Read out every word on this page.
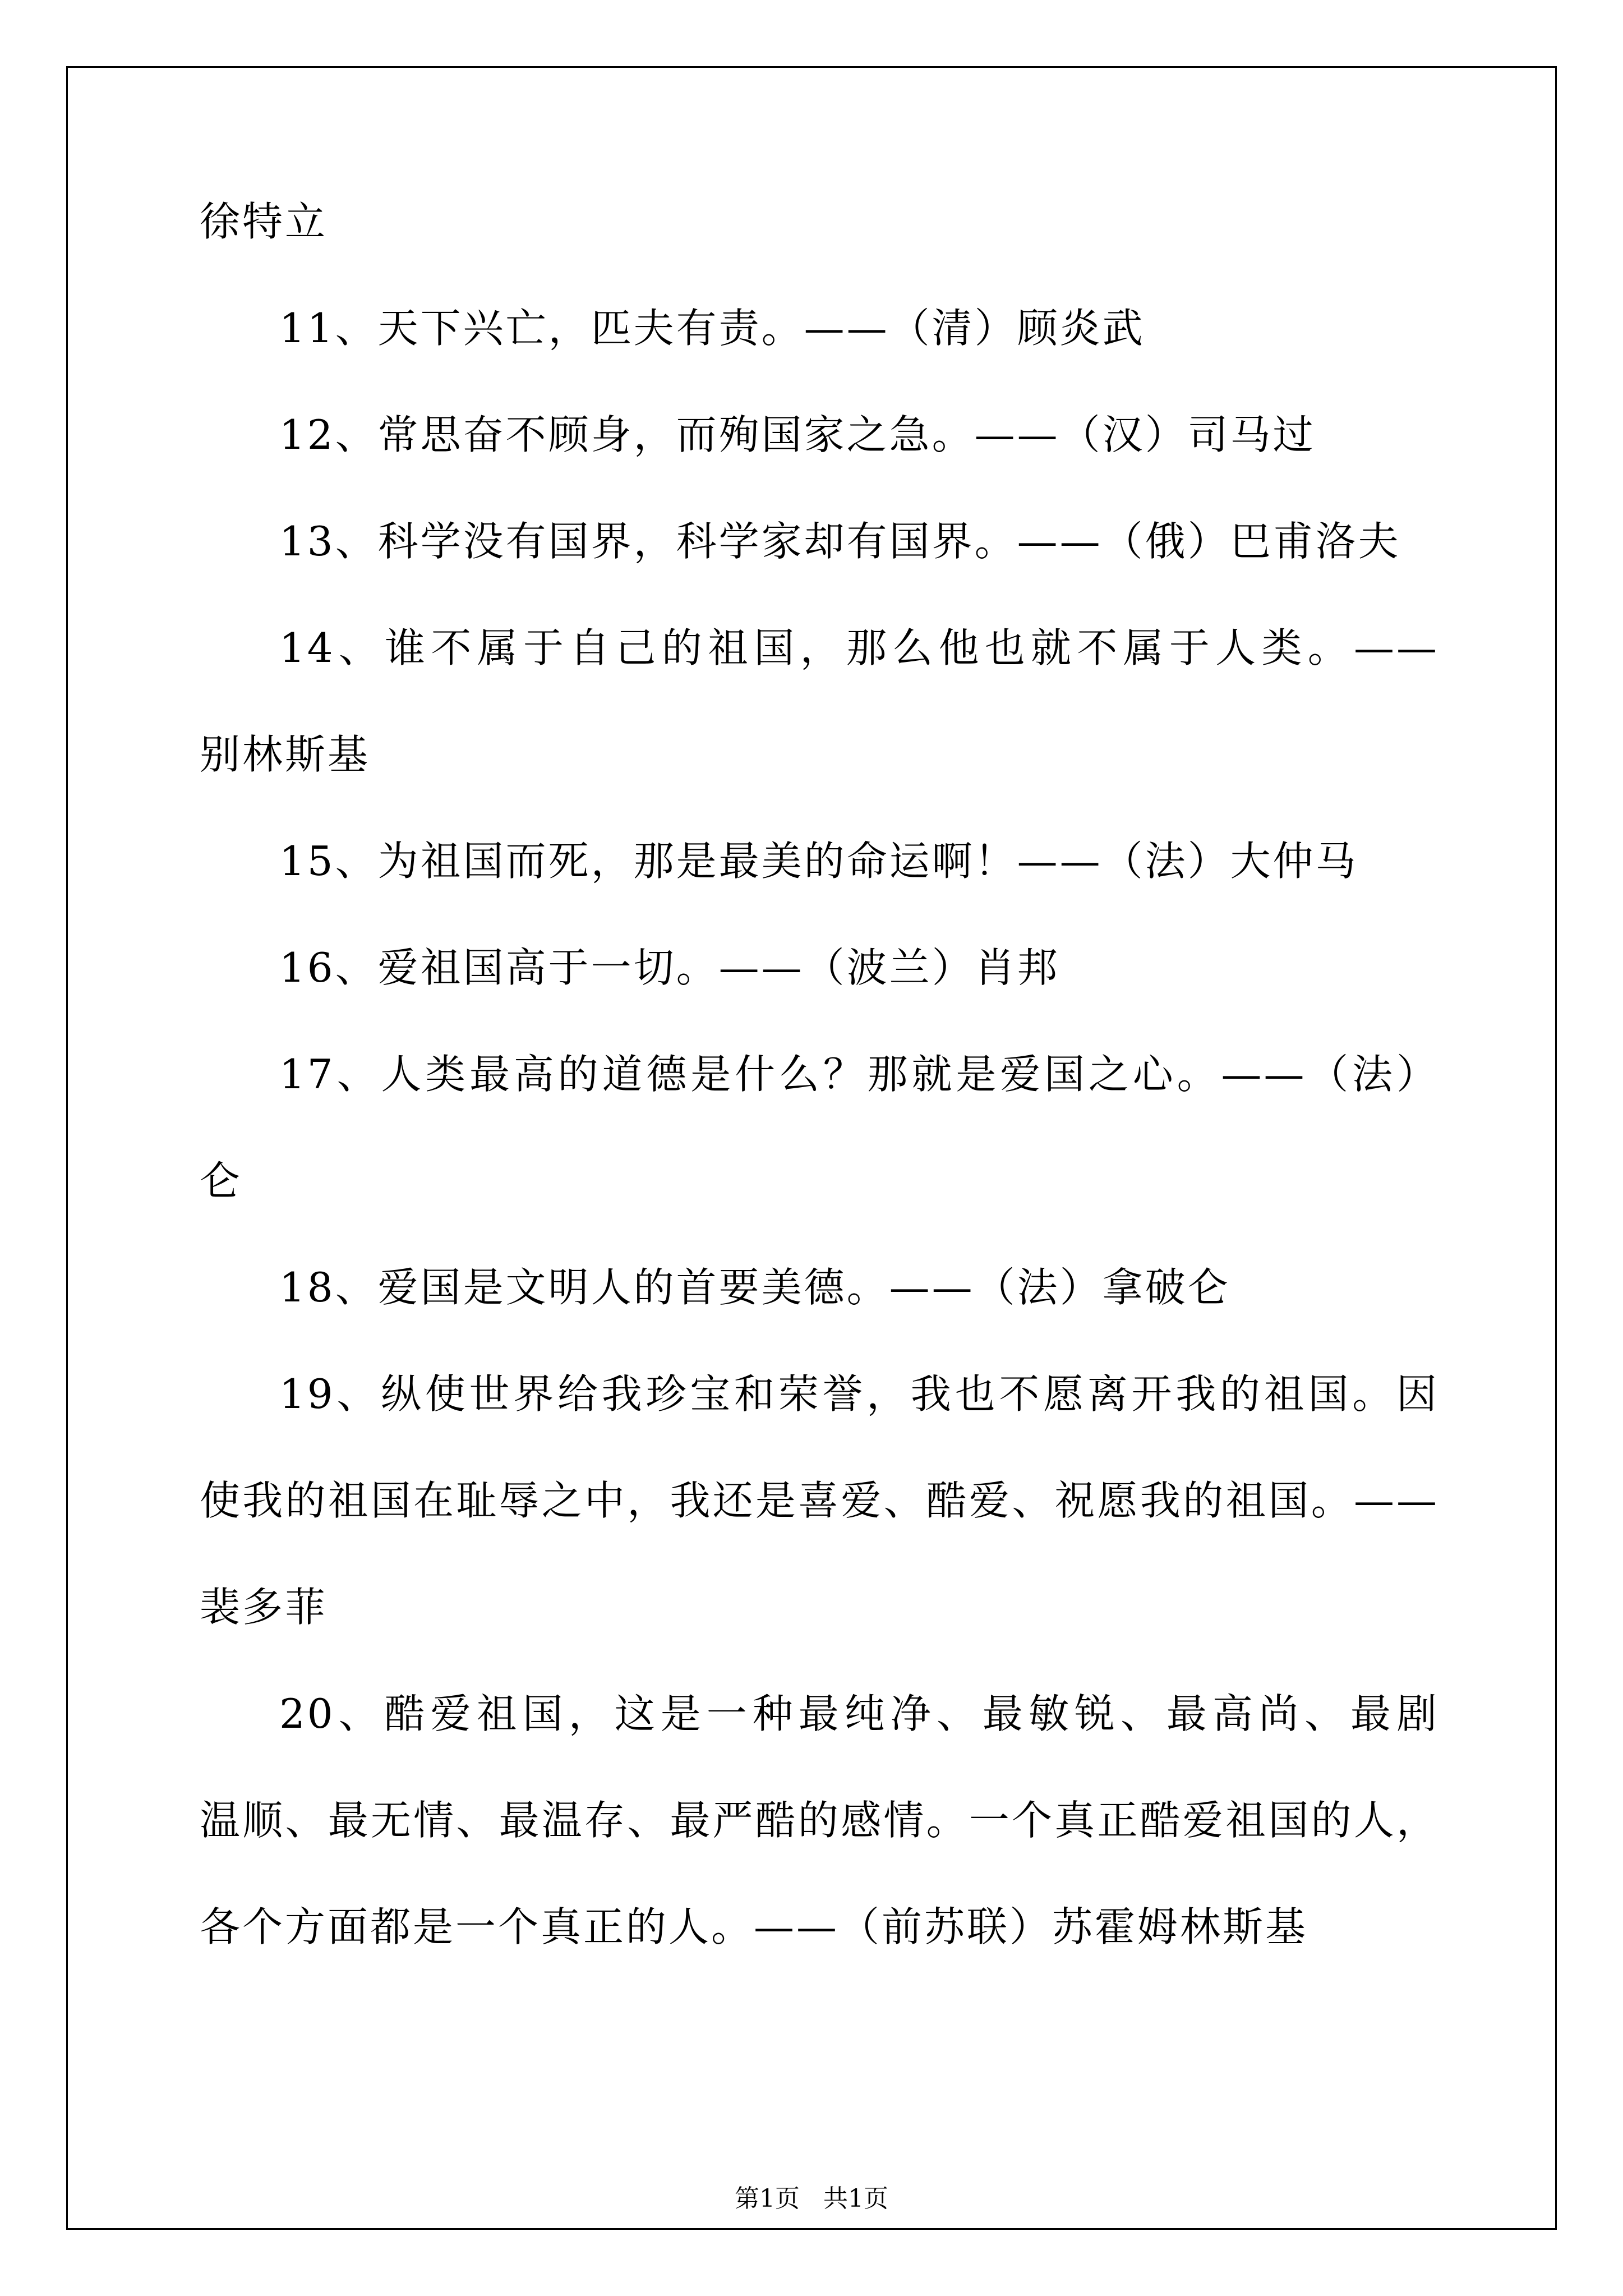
徐特立
11、天下兴亡，匹夫有责。——（清）顾炎武
12、常思奋不顾身，而殉国家之急。——（汉）司马过
13、科学没有国界，科学家却有国界。——（俄）巴甫洛夫
14、谁不属于自己的祖国，那么他也就不属于人类。——
别林斯基
15、为祖国而死，那是最美的命运啊！——（法）大仲马
16、爱祖国高于一切。——（波兰）肖邦
17、人类最高的道德是什么？那就是爱国之心。——（法）
仑
18、爱国是文明人的首要美德。——（法）拿破仑
19、纵使世界给我珍宝和荣誉，我也不愿离开我的祖国。因
使我的祖国在耻辱之中，我还是喜爱、酷爱、祝愿我的祖国。——
裴多菲
20、酷爱祖国，这是一种最纯净、最敏锐、最高尚、最剧
温顺、最无情、最温存、最严酷的感情。一个真正酷爱祖国的人，
各个方面都是一个真正的人。——（前苏联）苏霍姆林斯基
第1页   共1页
